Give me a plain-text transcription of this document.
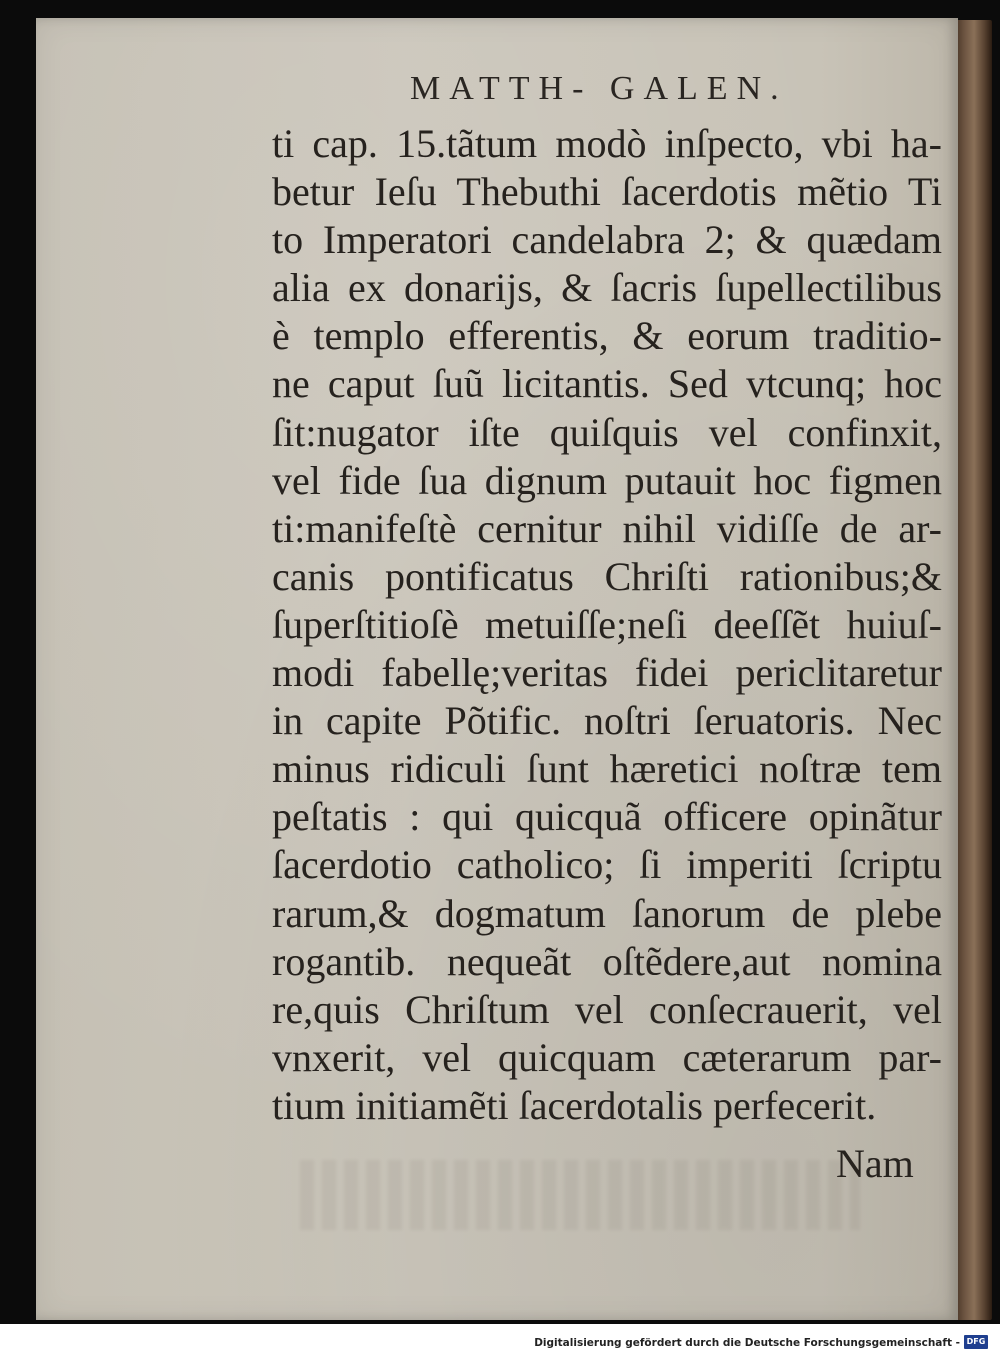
MATTH- GALEN.
ti cap. 15.tãtum modò inſpecto, vbi ha-
betur Ieſu Thebuthi ſacerdotis mẽtio Ti
to Imperatori candelabra 2; & quædam
alia ex donarijs, & ſacris ſupellectilibus
è templo efferentis, & eorum traditio-
ne caput ſuũ licitantis. Sed vtcunq; hoc
ſit:nugator iſte quiſquis vel confinxit,
vel fide ſua dignum putauit hoc figmen
ti:manifeſtè cernitur nihil vidiſſe de ar-
canis pontificatus Chriſti rationibus;&
ſuperſtitioſè metuiſſe;neſi deeſſẽt huiuſ-
modi fabellę;veritas fidei periclitaretur
in capite Põtific. noſtri ſeruatoris. Nec
minus ridiculi ſunt hæretici noſtræ tem
peſtatis : qui quicquã officere opinãtur
ſacerdotio catholico; ſi imperiti ſcriptu
rarum,& dogmatum ſanorum de plebe
rogantib. nequeãt oſtẽdere,aut nomina
re,quis Chriſtum vel conſecrauerit, vel
vnxerit, vel quicquam cæterarum par-
tium initiamẽti ſacerdotalis perfecerit.
Nam
Digitalisierung gefördert durch die Deutsche Forschungsgemeinschaft - DFG
